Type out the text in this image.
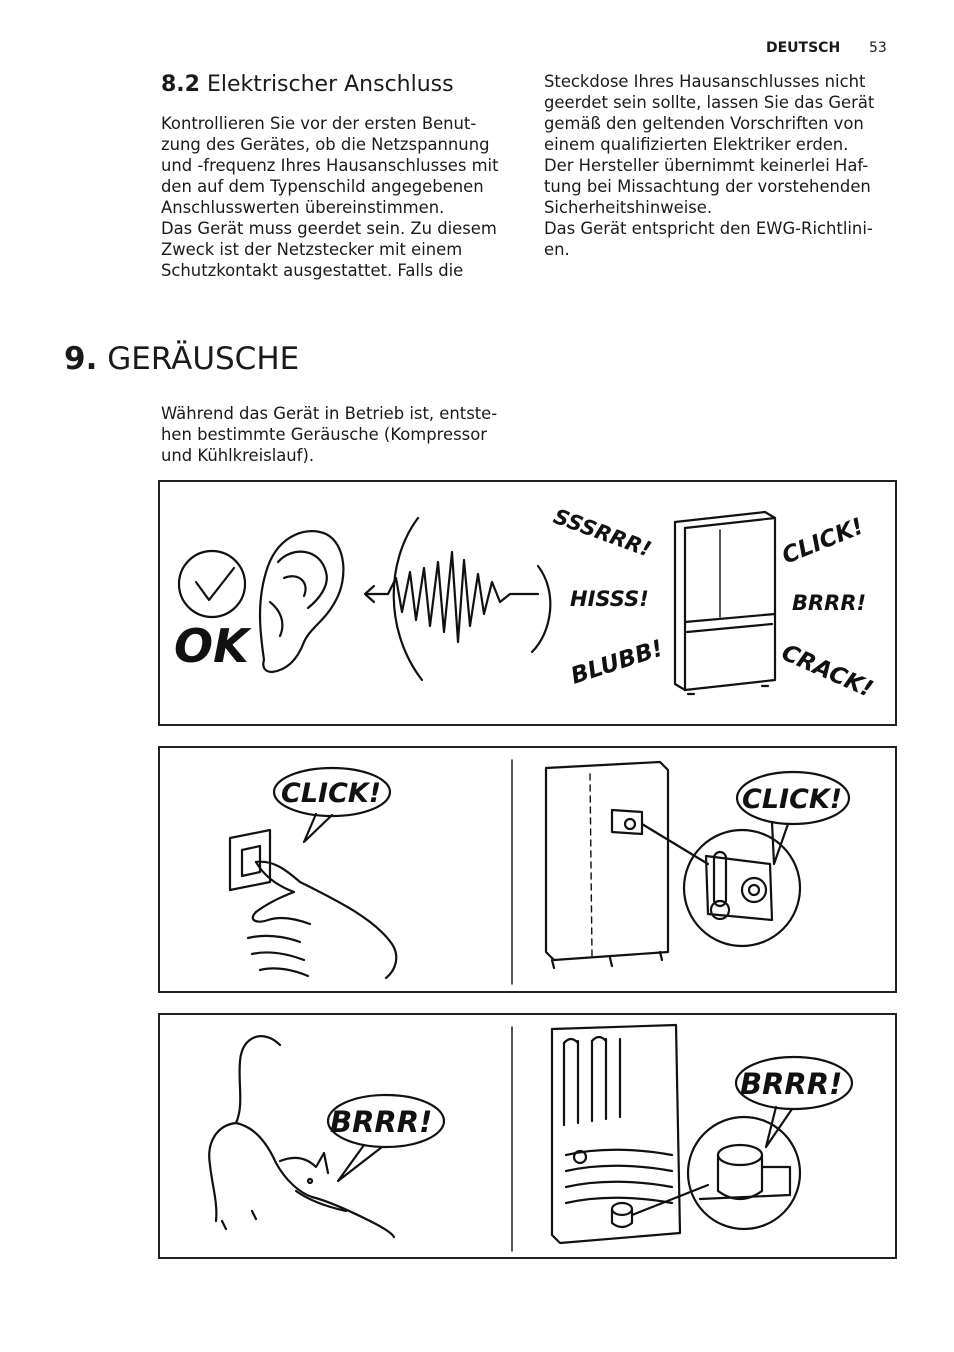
DEUTSCH 53
8.2 Elektrischer Anschluss
Kontrollieren Sie vor der ersten Benut-
zung des Gerätes, ob die Netzspannung
und -frequenz Ihres Hausanschlusses mit
den auf dem Typenschild angegebenen
Anschlusswerten übereinstimmen.
Das Gerät muss geerdet sein. Zu diesem
Zweck ist der Netzstecker mit einem
Schutzkontakt ausgestattet. Falls die
Steckdose Ihres Hausanschlusses nicht
geerdet sein sollte, lassen Sie das Gerät
gemäß den geltenden Vorschriften von
einem qualifizierten Elektriker erden.
Der Hersteller übernimmt keinerlei Haf-
tung bei Missachtung der vorstehenden
Sicherheitshinweise.
Das Gerät entspricht den EWG-Richtlini-
en.
9. GERÄUSCHE
Während das Gerät in Betrieb ist, entste-
hen bestimmte Geräusche (Kompressor
und Kühlkreislauf).
OK
SSSRRR!
HISSS!
BLUBB!
CLICK!
BRRR!
CRACK!
CLICK!	CLICK!
BRRR!
BRRR!
